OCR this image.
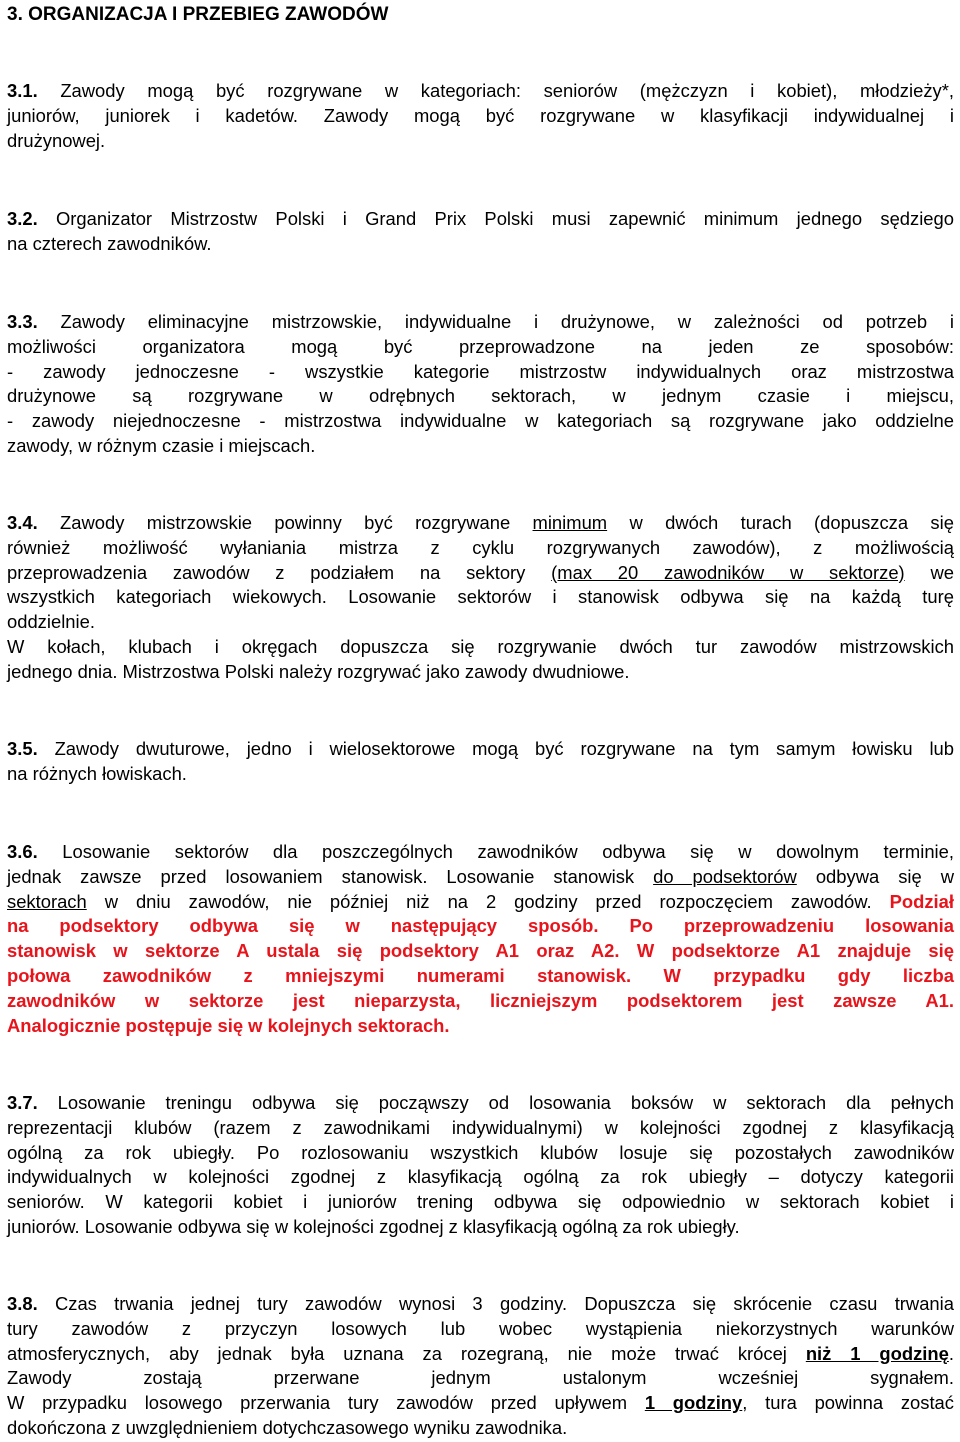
3. ORGANIZACJA I PRZEBIEG ZAWODÓW
3.1. Zawody mogą być rozgrywane w kategoriach: seniorów (mężczyzn i kobiet), młodzieży*,
juniorów, juniorek i kadetów. Zawody mogą być rozgrywane w klasyfikacji indywidualnej i
drużynowej.
3.2. Organizator Mistrzostw Polski i Grand Prix Polski musi zapewnić minimum jednego sędziego
na czterech zawodników.
3.3. Zawody eliminacyjne mistrzowskie, indywidualne i drużynowe, w zależności od potrzeb i
możliwości organizatora mogą być przeprowadzone na jeden ze sposobów:
- zawody jednoczesne - wszystkie kategorie mistrzostw indywidualnych oraz mistrzostwa
drużynowe są rozgrywane w odrębnych sektorach, w jednym czasie i miejscu,
- zawody niejednoczesne - mistrzostwa indywidualne w kategoriach są rozgrywane jako oddzielne
zawody, w różnym czasie i miejscach.
3.4. Zawody mistrzowskie powinny być rozgrywane minimum w dwóch turach (dopuszcza się
również możliwość wyłaniania mistrza z cyklu rozgrywanych zawodów), z możliwością
przeprowadzenia zawodów z podziałem na sektory (max 20 zawodników w sektorze) we
wszystkich kategoriach wiekowych. Losowanie sektorów i stanowisk odbywa się na każdą turę
oddzielnie.
W kołach, klubach i okręgach dopuszcza się rozgrywanie dwóch tur zawodów mistrzowskich
jednego dnia. Mistrzostwa Polski należy rozgrywać jako zawody dwudniowe.
3.5. Zawody dwuturowe, jedno i wielosektorowe mogą być rozgrywane na tym samym łowisku lub
na różnych łowiskach.
3.6. Losowanie sektorów dla poszczególnych zawodników odbywa się w dowolnym terminie,
jednak zawsze przed losowaniem stanowisk. Losowanie stanowisk do podsektorów odbywa się w
sektorach w dniu zawodów, nie później niż na 2 godziny przed rozpoczęciem zawodów. Podział
na podsektory odbywa się w następujący sposób. Po przeprowadzeniu losowania
stanowisk w sektorze A ustala się podsektory A1 oraz A2. W podsektorze A1 znajduje się
połowa zawodników z mniejszymi numerami stanowisk. W przypadku gdy liczba
zawodników w sektorze jest nieparzysta, liczniejszym podsektorem jest zawsze A1.
Analogicznie postępuje się w kolejnych sektorach.
3.7. Losowanie treningu odbywa się począwszy od losowania boksów w sektorach dla pełnych
reprezentacji klubów (razem z zawodnikami indywidualnymi) w kolejności zgodnej z klasyfikacją
ogólną za rok ubiegły. Po rozlosowaniu wszystkich klubów losuje się pozostałych zawodników
indywidualnych w kolejności zgodnej z klasyfikacją ogólną za rok ubiegły – dotyczy kategorii
seniorów. W kategorii kobiet i juniorów trening odbywa się odpowiednio w sektorach kobiet i
juniorów. Losowanie odbywa się w kolejności zgodnej z klasyfikacją ogólną za rok ubiegły.
3.8. Czas trwania jednej tury zawodów wynosi 3 godziny. Dopuszcza się skrócenie czasu trwania
tury zawodów z przyczyn losowych lub wobec wystąpienia niekorzystnych warunków
atmosferycznych, aby jednak była uznana za rozegraną, nie może trwać krócej niż 1 godzinę.
Zawody zostają przerwane jednym ustalonym wcześniej sygnałem.
W przypadku losowego przerwania tury zawodów przed upływem 1 godziny, tura powinna zostać
dokończona z uwzględnieniem dotychczasowego wyniku zawodnika.
